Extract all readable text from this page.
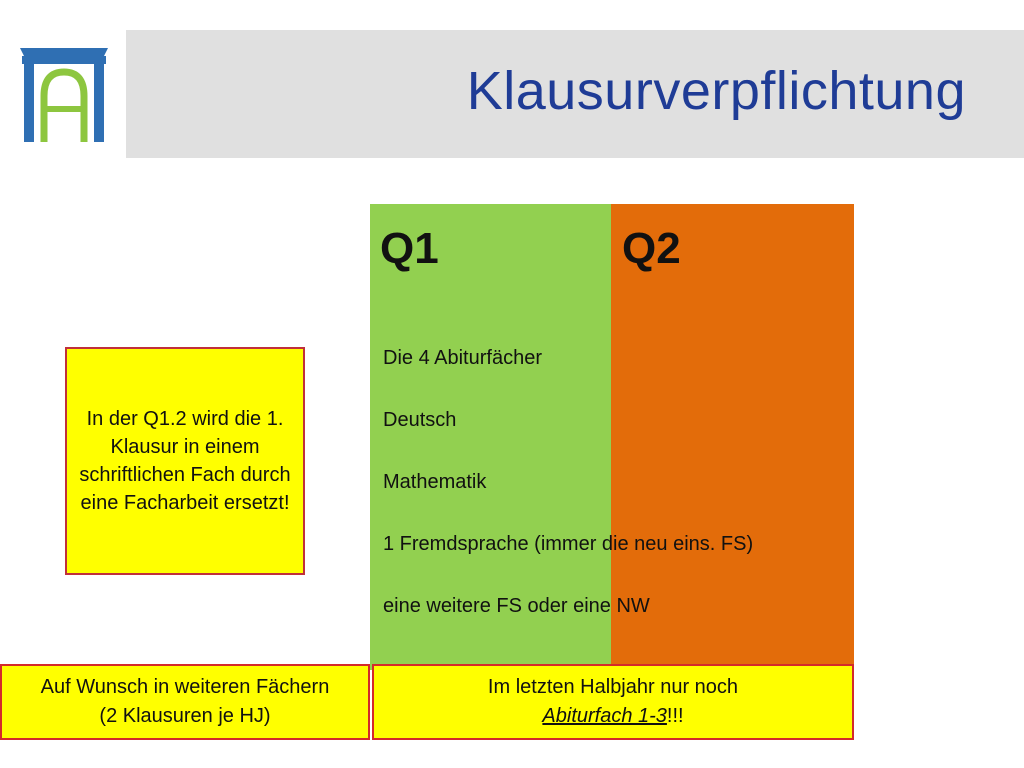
Klausurverpflichtung
Q1	Q2
Die 4 Abiturfächer
Deutsch
Mathematik
1 Fremdsprache (immer die neu eins. FS)
eine weitere FS oder eine NW
In der Q1.2 wird die 1. Klausur in einem schriftlichen Fach durch eine Facharbeit ersetzt!
Auf Wunsch in weiteren Fächern
(2 Klausuren je HJ)
Im letzten Halbjahr nur noch
Abiturfach 1-3!!!
